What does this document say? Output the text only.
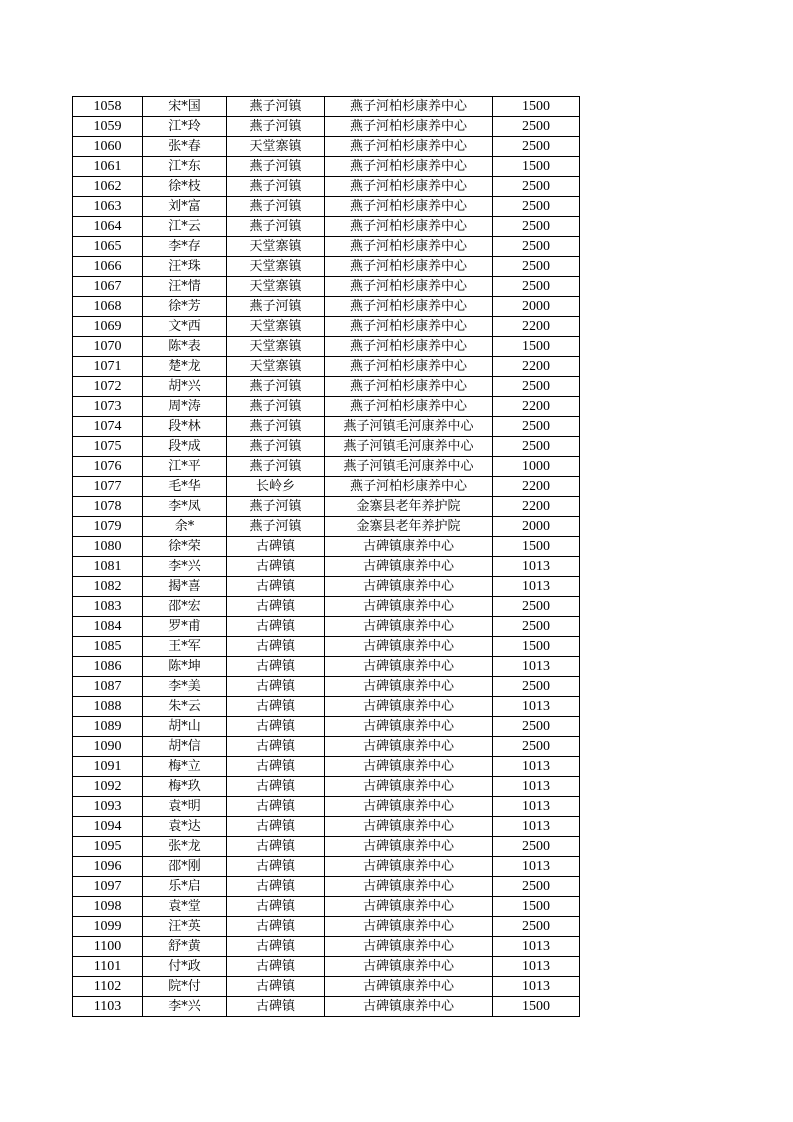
1058	宋*国	燕子河镇	燕子河柏杉康养中心	1500
1059	江*玲	燕子河镇	燕子河柏杉康养中心	2500
1060	张*春	天堂寨镇	燕子河柏杉康养中心	2500
1061	江*东	燕子河镇	燕子河柏杉康养中心	1500
1062	徐*枝	燕子河镇	燕子河柏杉康养中心	2500
1063	刘*富	燕子河镇	燕子河柏杉康养中心	2500
1064	江*云	燕子河镇	燕子河柏杉康养中心	2500
1065	李*存	天堂寨镇	燕子河柏杉康养中心	2500
1066	汪*珠	天堂寨镇	燕子河柏杉康养中心	2500
1067	汪*情	天堂寨镇	燕子河柏杉康养中心	2500
1068	徐*芳	燕子河镇	燕子河柏杉康养中心	2000
1069	文*西	天堂寨镇	燕子河柏杉康养中心	2200
1070	陈*表	天堂寨镇	燕子河柏杉康养中心	1500
1071	楚*龙	天堂寨镇	燕子河柏杉康养中心	2200
1072	胡*兴	燕子河镇	燕子河柏杉康养中心	2500
1073	周*涛	燕子河镇	燕子河柏杉康养中心	2200
1074	段*林	燕子河镇	燕子河镇毛河康养中心	2500
1075	段*成	燕子河镇	燕子河镇毛河康养中心	2500
1076	江*平	燕子河镇	燕子河镇毛河康养中心	1000
1077	毛*华	长岭乡	燕子河柏杉康养中心	2200
1078	李*凤	燕子河镇	金寨县老年养护院	2200
1079	余*	燕子河镇	金寨县老年养护院	2000
1080	徐*荣	古碑镇	古碑镇康养中心	1500
1081	李*兴	古碑镇	古碑镇康养中心	1013
1082	揭*喜	古碑镇	古碑镇康养中心	1013
1083	邵*宏	古碑镇	古碑镇康养中心	2500
1084	罗*甫	古碑镇	古碑镇康养中心	2500
1085	王*军	古碑镇	古碑镇康养中心	1500
1086	陈*坤	古碑镇	古碑镇康养中心	1013
1087	李*美	古碑镇	古碑镇康养中心	2500
1088	朱*云	古碑镇	古碑镇康养中心	1013
1089	胡*山	古碑镇	古碑镇康养中心	2500
1090	胡*信	古碑镇	古碑镇康养中心	2500
1091	梅*立	古碑镇	古碑镇康养中心	1013
1092	梅*玖	古碑镇	古碑镇康养中心	1013
1093	袁*明	古碑镇	古碑镇康养中心	1013
1094	袁*达	古碑镇	古碑镇康养中心	1013
1095	张*龙	古碑镇	古碑镇康养中心	2500
1096	邵*刚	古碑镇	古碑镇康养中心	1013
1097	乐*启	古碑镇	古碑镇康养中心	2500
1098	袁*堂	古碑镇	古碑镇康养中心	1500
1099	汪*英	古碑镇	古碑镇康养中心	2500
1100	舒*黄	古碑镇	古碑镇康养中心	1013
1101	付*政	古碑镇	古碑镇康养中心	1013
1102	院*付	古碑镇	古碑镇康养中心	1013
1103	李*兴	古碑镇	古碑镇康养中心	1500
